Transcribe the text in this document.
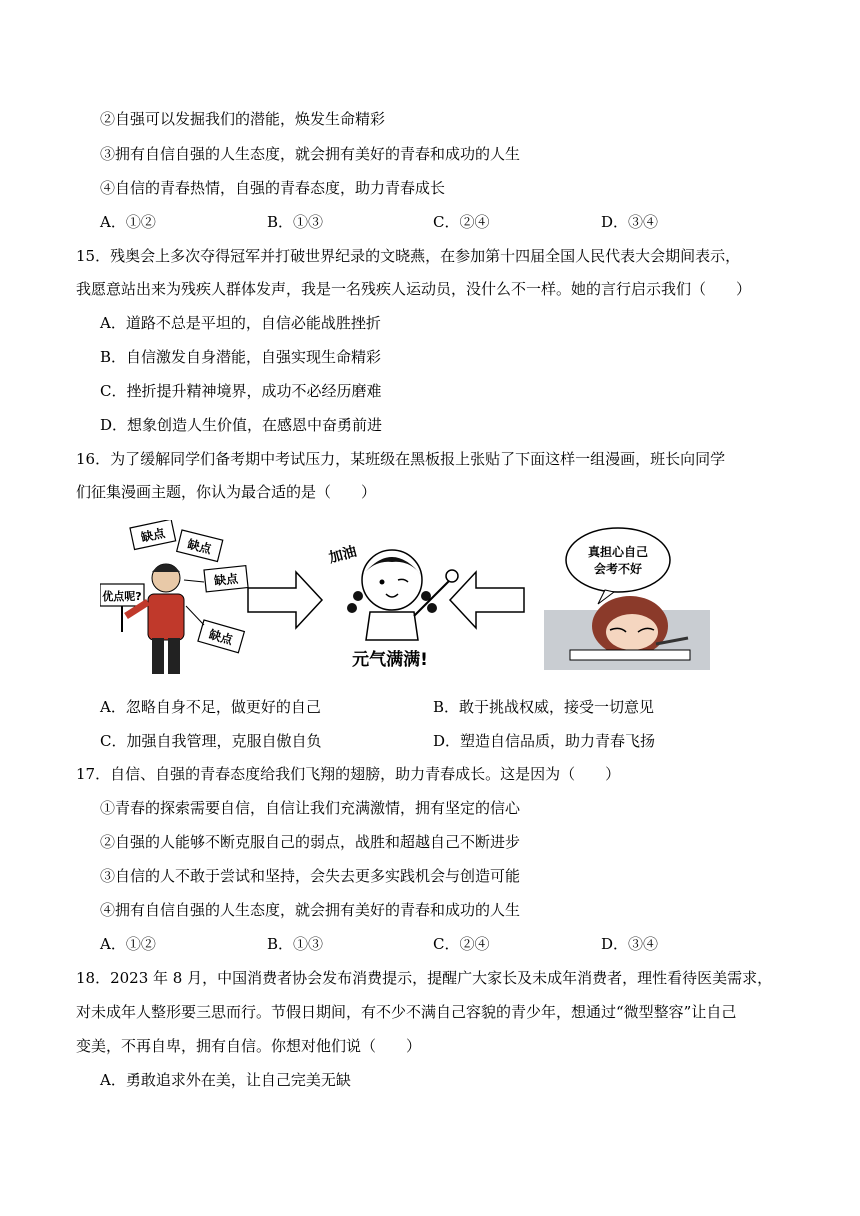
②自强可以发掘我们的潜能，焕发生命精彩
③拥有自信自强的人生态度，就会拥有美好的青春和成功的人生
④自信的青春热情，自强的青春态度，助力青春成长
A．①②	B．①③	C．②④	D．③④
15．残奥会上多次夺得冠军并打破世界纪录的文晓燕，在参加第十四届全国人民代表大会期间表示，
我愿意站出来为残疾人群体发声，我是一名残疾人运动员，没什么不一样。她的言行启示我们（　　）
A．道路不总是平坦的，自信必能战胜挫折
B．自信激发自身潜能，自强实现生命精彩
C．挫折提升精神境界，成功不必经历磨难
D．想象创造人生价值，在感恩中奋勇前进
16．为了缓解同学们备考期中考试压力，某班级在黑板报上张贴了下面这样一组漫画，班长向同学
们征集漫画主题，你认为最合适的是（　　）
缺点
缺点
缺点
缺点
优点呢?
加油
元气满满!
真担心自己
会考不好
A．忽略自身不足，做更好的自己	B．敢于挑战权威，接受一切意见
C．加强自我管理，克服自傲自负	D．塑造自信品质，助力青春飞扬
17．自信、自强的青春态度给我们飞翔的翅膀，助力青春成长。这是因为（　　）
①青春的探索需要自信，自信让我们充满激情，拥有坚定的信心
②自强的人能够不断克服自己的弱点，战胜和超越自己不断进步
③自信的人不敢于尝试和坚持，会失去更多实践机会与创造可能
④拥有自信自强的人生态度，就会拥有美好的青春和成功的人生
A．①②	B．①③	C．②④	D．③④
18．2023 年 8 月，中国消费者协会发布消费提示，提醒广大家长及未成年消费者，理性看待医美需求，
对未成年人整形要三思而行。节假日期间，有不少不满自己容貌的青少年，想通过“微型整容”让自己
变美，不再自卑，拥有自信。你想对他们说（　　）
A．勇敢追求外在美，让自己完美无缺
